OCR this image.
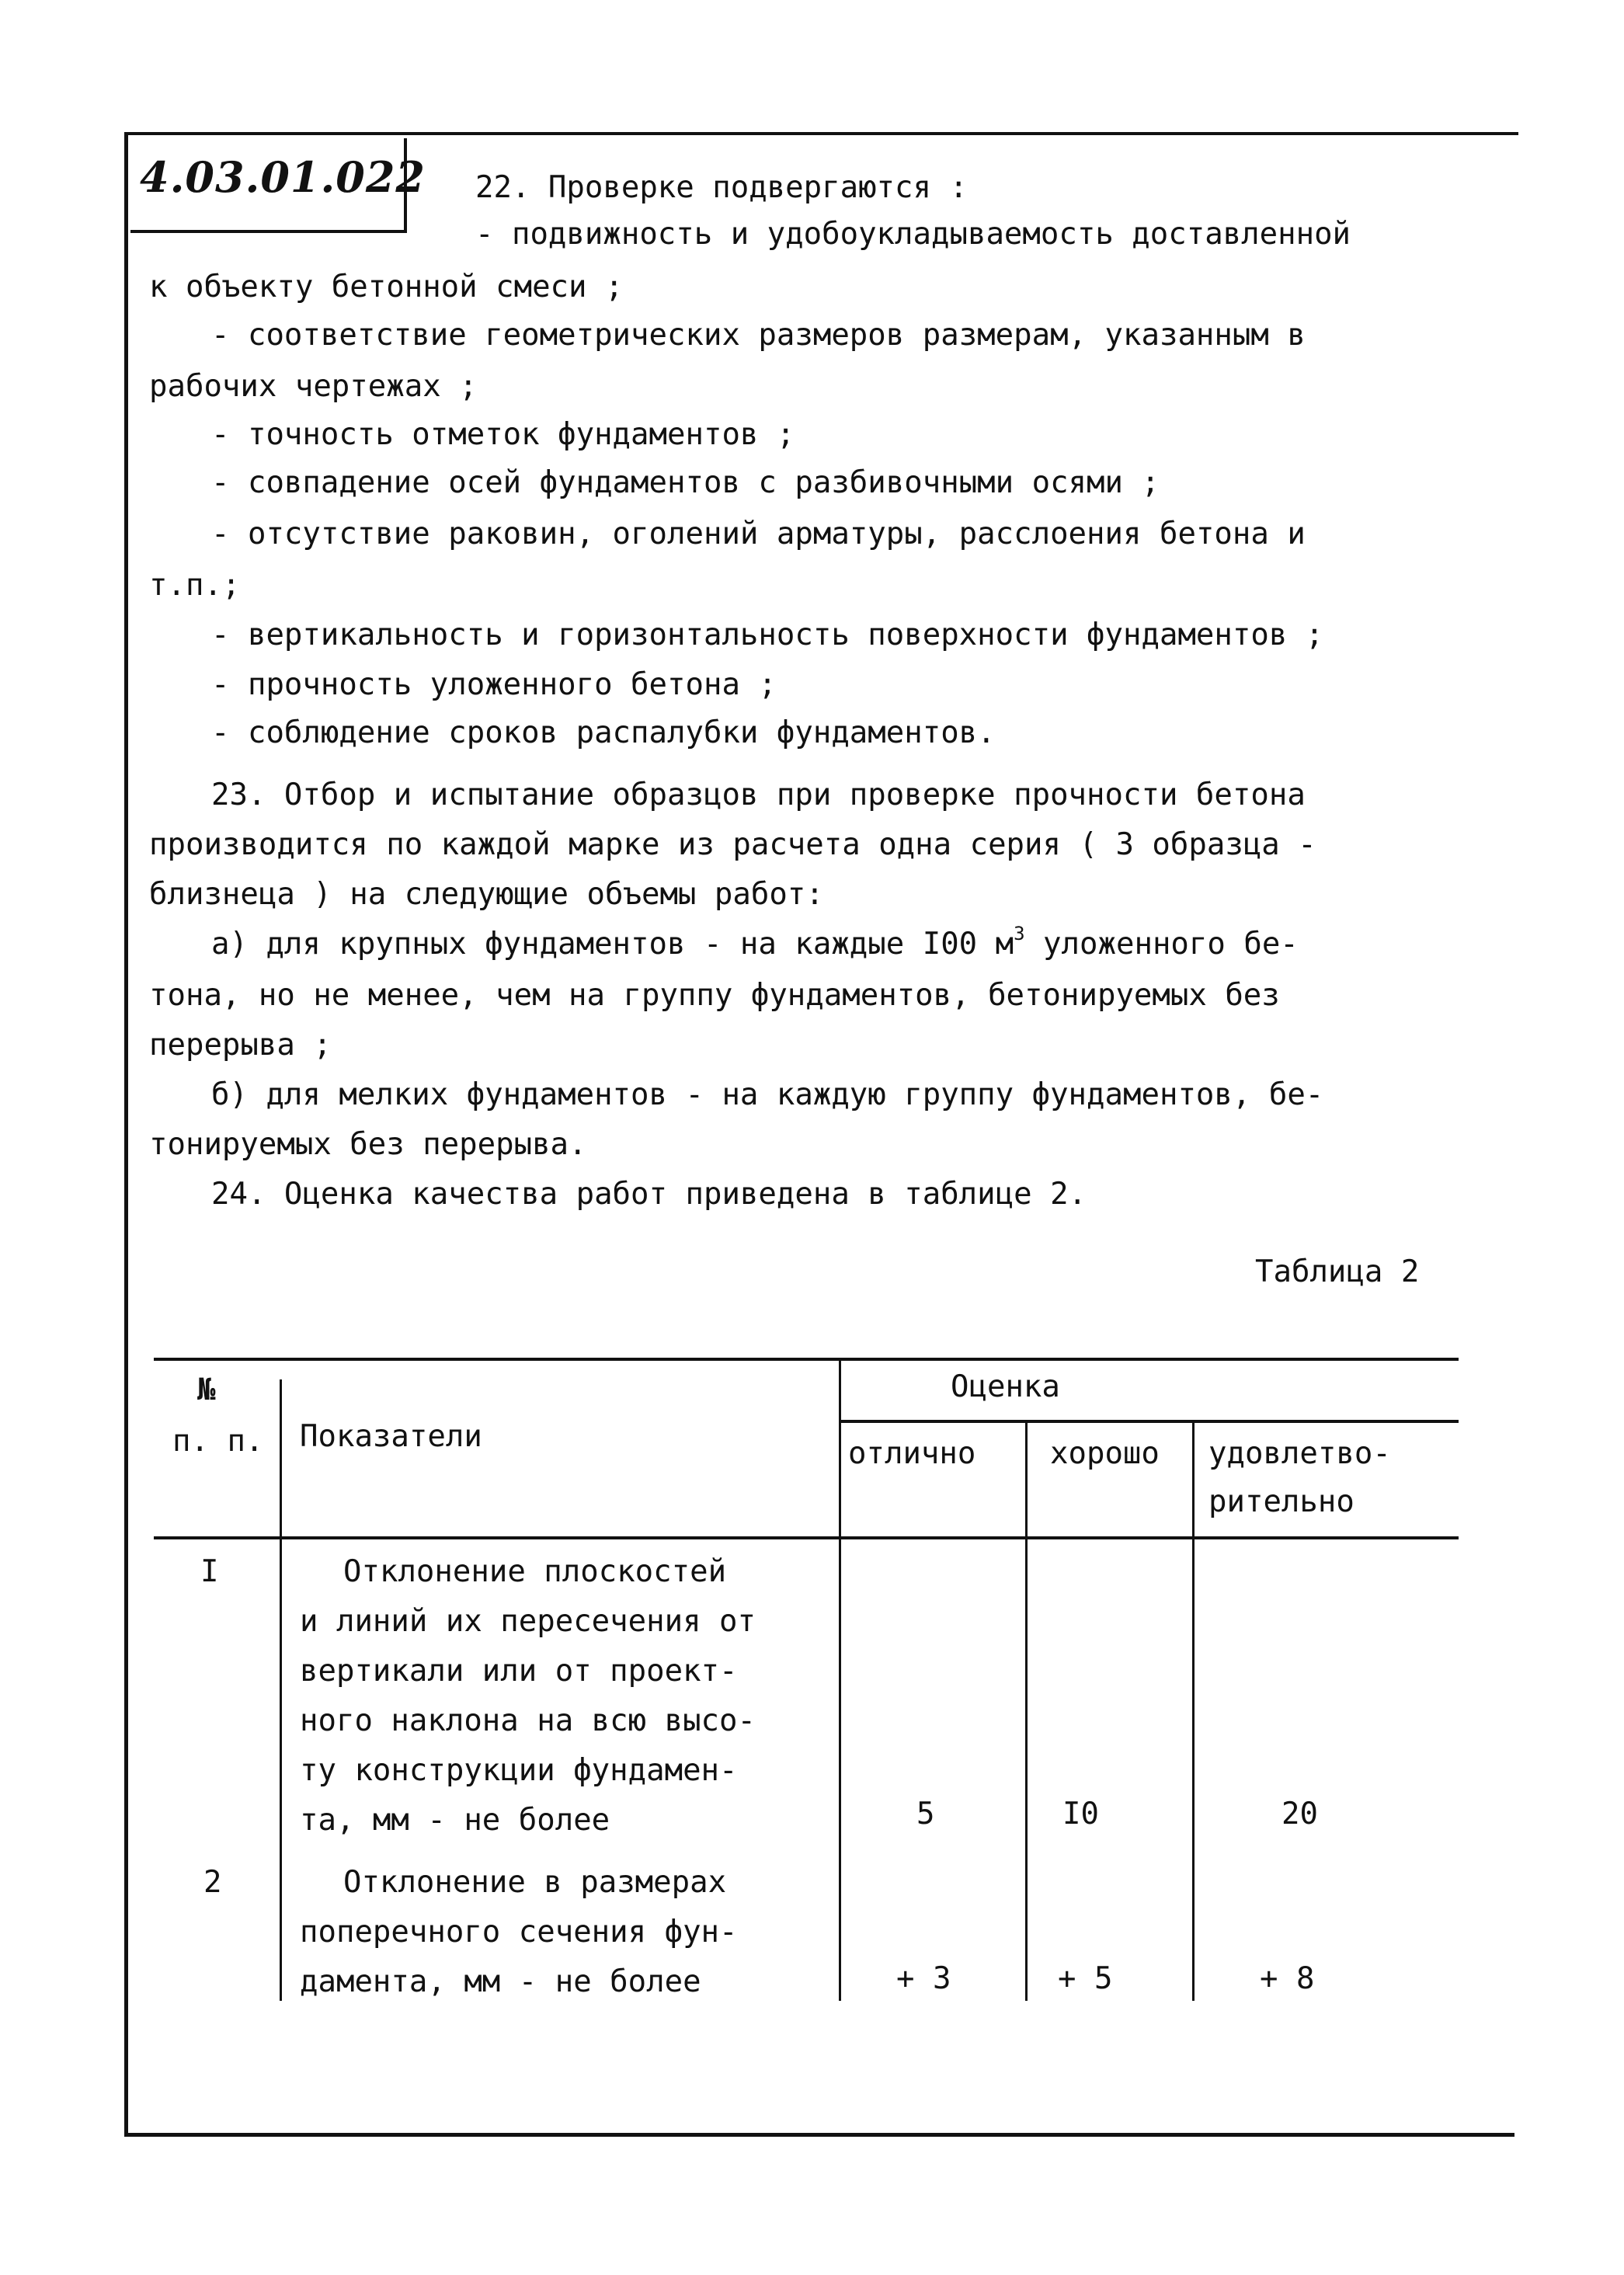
4.03.01.022 22. Проверке подвергаются :
- подвижность и удобоукладываемость доставленной
к объекту бетонной смеси ;
- соответствие геометрических размеров размерам, указанным в
рабочих чертежах ;
- точность отметок фундаментов ;
- совпадение осей фундаментов с разбивочными осями ;
- отсутствие раковин, оголений арматуры, расслоения бетона и
т.п.;
- вертикальность и горизонтальность поверхности фундаментов ;
- прочность уложенного бетона ;
- соблюдение сроков распалубки фундаментов.
23. Отбор и испытание образцов при проверке прочности бетона
производится по каждой марке из расчета одна серия ( 3 образца -
близнеца ) на следующие объемы работ:
а) для крупных фундаментов - на каждые I00 $м^3$ уложенного бе-
тона, но не менее, чем на группу фундаментов, бетонируемых без
перерыва ;
б) для мелких фундаментов - на каждую группу фундаментов, бе-
тонируемых без перерыва.
24. Оценка качества работ приведена в таблице 2.
Таблица 2
№
п. п. Показатели
Оценка
отлично хорошо удовлетво-
рительно
I	Отклонение плоскостей
и линий их пересечения от
вертикали или от проект-
ного наклона на всю высо-
ту конструкции фундамен-
та, мм - не более	5	I0	20
2	Отклонение в размерах
поперечного сечения фун-
дамента, мм - не более	+ 3	+ 5	+ 8
